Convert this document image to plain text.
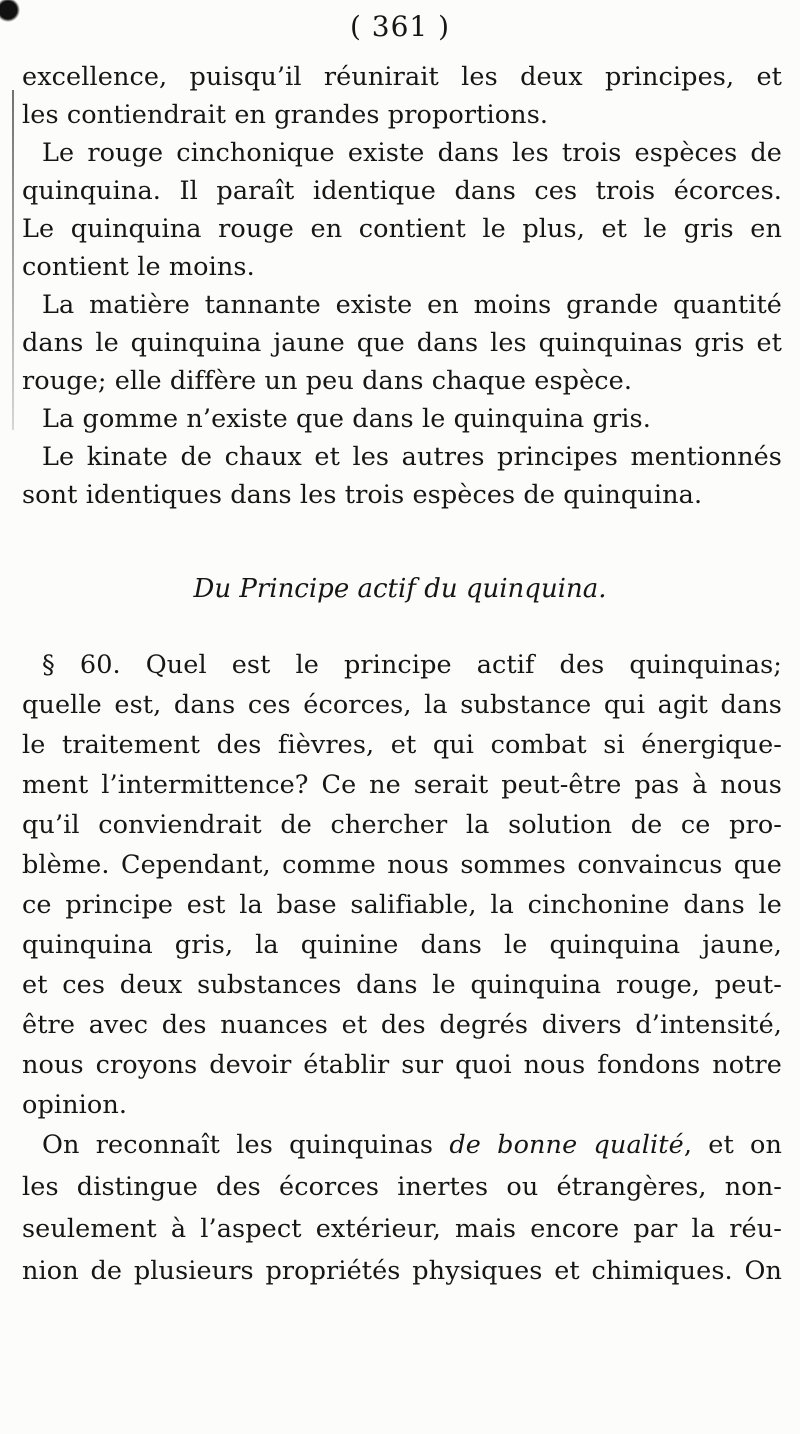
( 361 )
excellence, puisqu’il réunirait les deux principes, et
les contiendrait en grandes proportions.
Le rouge cinchonique existe dans les trois espèces de
quinquina. Il paraît identique dans ces trois écorces.
Le quinquina rouge en contient le plus, et le gris en
contient le moins.
La matière tannante existe en moins grande quantité
dans le quinquina jaune que dans les quinquinas gris et
rouge; elle diffère un peu dans chaque espèce.
La gomme n’existe que dans le quinquina gris.
Le kinate de chaux et les autres principes mentionnés
sont identiques dans les trois espèces de quinquina.
Du Principe actif du quinquina.
§ 60. Quel est le principe actif des quinquinas;
quelle est, dans ces écorces, la substance qui agit dans
le traitement des fièvres, et qui combat si énergique-
ment l’intermittence? Ce ne serait peut-être pas à nous
qu’il conviendrait de chercher la solution de ce pro-
blème. Cependant, comme nous sommes convaincus que
ce principe est la base salifiable, la cinchonine dans le
quinquina gris, la quinine dans le quinquina jaune,
et ces deux substances dans le quinquina rouge, peut-
être avec des nuances et des degrés divers d’intensité,
nous croyons devoir établir sur quoi nous fondons notre
opinion.
On reconnaît les quinquinas de bonne qualité, et on
les distingue des écorces inertes ou étrangères, non-
seulement à l’aspect extérieur, mais encore par la réu-
nion de plusieurs propriétés physiques et chimiques. On
